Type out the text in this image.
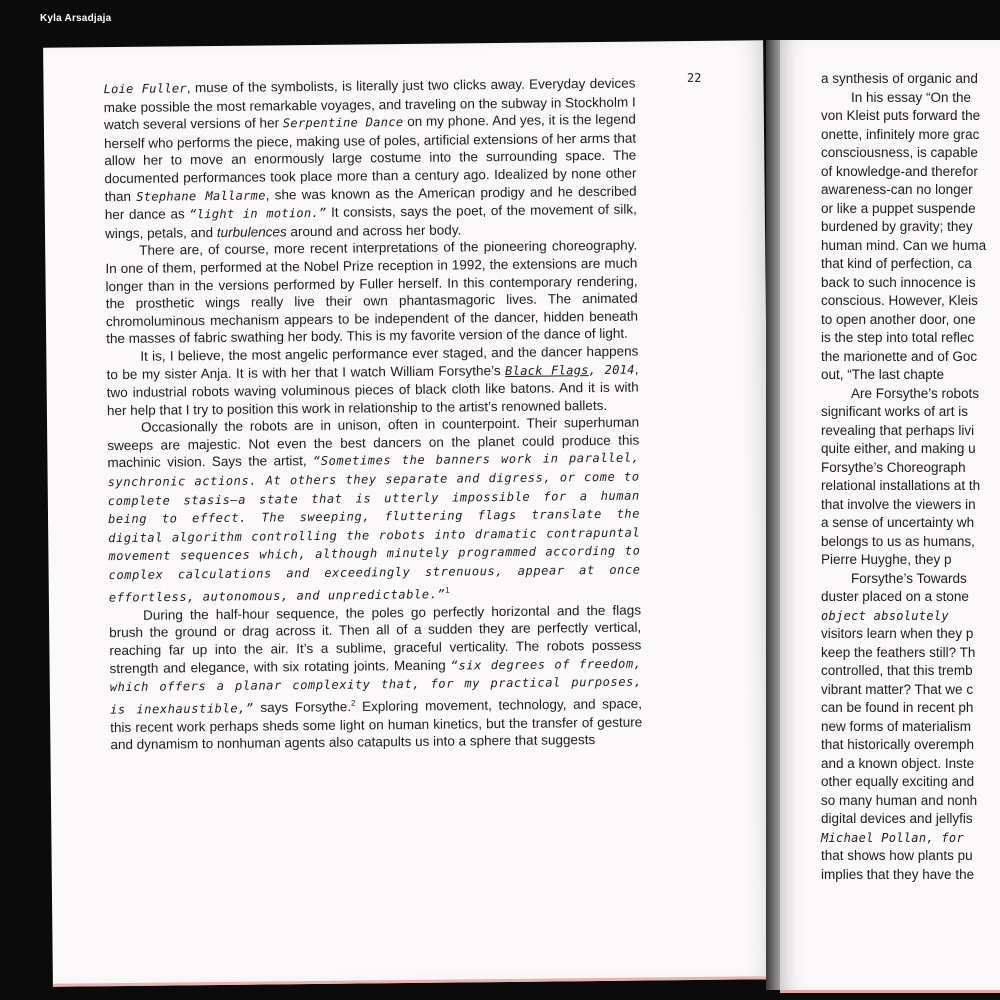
Kyla Arsadjaja
22

Loie Fuller, muse of the symbolists, is literally just two clicks away. Everyday devices make possible the most remarkable voyages, and traveling on the subway in Stockholm I watch several versions of her Serpentine Dance on my phone. And yes, it is the legend herself who performs the piece, making use of poles, artificial extensions of her arms that allow her to move an enormously large costume into the surrounding space. The documented performances took place more than a century ago. Idealized by none other than Stephane Mallarme, she was known as the American prodigy and he described her dance as “light in motion.” It consists, says the poet, of the movement of silk, wings, petals, and turbulences around and across her body.

There are, of course, more recent interpretations of the pioneering choreography. In one of them, performed at the Nobel Prize reception in 1992, the extensions are much longer than in the versions performed by Fuller herself. In this contemporary rendering, the prosthetic wings really live their own phantasmagoric lives. The animated chromoluminous mechanism appears to be independent of the dancer, hidden beneath the masses of fabric swathing her body. This is my favorite version of the dance of light.

It is, I believe, the most angelic performance ever staged, and the dancer happens to be my sister Anja. It is with her that I watch William Forsythe’s Black Flags, 2014, two industrial robots waving voluminous pieces of black cloth like batons. And it is with her help that I try to position this work in relationship to the artist’s renowned ballets.

Occasionally the robots are in unison, often in counterpoint. Their superhuman sweeps are majestic. Not even the best dancers on the planet could produce this machinic vision. Says the artist, “Sometimes the banners work in parallel, synchronic actions. At others they separate and digress, or come to complete stasis—a state that is utterly impossible for a human being to effect. The sweeping, fluttering flags translate the digital algorithm controlling the robots into dramatic contrapuntal movement sequences which, although minutely programmed according to complex calculations and exceedingly strenuous, appear at once effortless, autonomous, and unpredictable.”$^1$

During the half-hour sequence, the poles go perfectly horizontal and the flags brush the ground or drag across it. Then all of a sudden they are perfectly vertical, reaching far up into the air. It’s a sublime, graceful verticality. The robots possess strength and elegance, with six rotating joints. Meaning “six degrees of freedom, which offers a planar complexity that, for my practical purposes, is inexhaustible,” says Forsythe.$^2$ Exploring movement, technology, and space, this recent work perhaps sheds some light on human kinetics, but the transfer of gesture and dynamism to nonhuman agents also catapults us into a sphere that suggests

a synthesis of organic and
In his essay “On the
von Kleist puts forward the
onette, infinitely more grac
consciousness, is capable
of knowledge-and therefor
awareness-can no longer
or like a puppet suspende
burdened by gravity; they
human mind. Can we huma
that kind of perfection, ca
back to such innocence is
conscious. However, Kleis
to open another door, one
is the step into total reflec
the marionette and of Goc
out, “The last chapte
Are Forsythe’s robots
significant works of art is
revealing that perhaps livi
quite either, and making u
Forsythe’s Choreograph
relational installations at th
that involve the viewers in
a sense of uncertainty wh
belongs to us as humans,
Pierre Huyghe, they p
Forsythe’s Towards
duster placed on a stone
object absolutely
visitors learn when they p
keep the feathers still? Th
controlled, that this tremb
vibrant matter? That we c
can be found in recent ph
new forms of materialism
that historically overemph
and a known object. Inste
other equally exciting and
so many human and nonh
digital devices and jellyfis
Michael Pollan, for
that shows how plants pu
implies that they have the
